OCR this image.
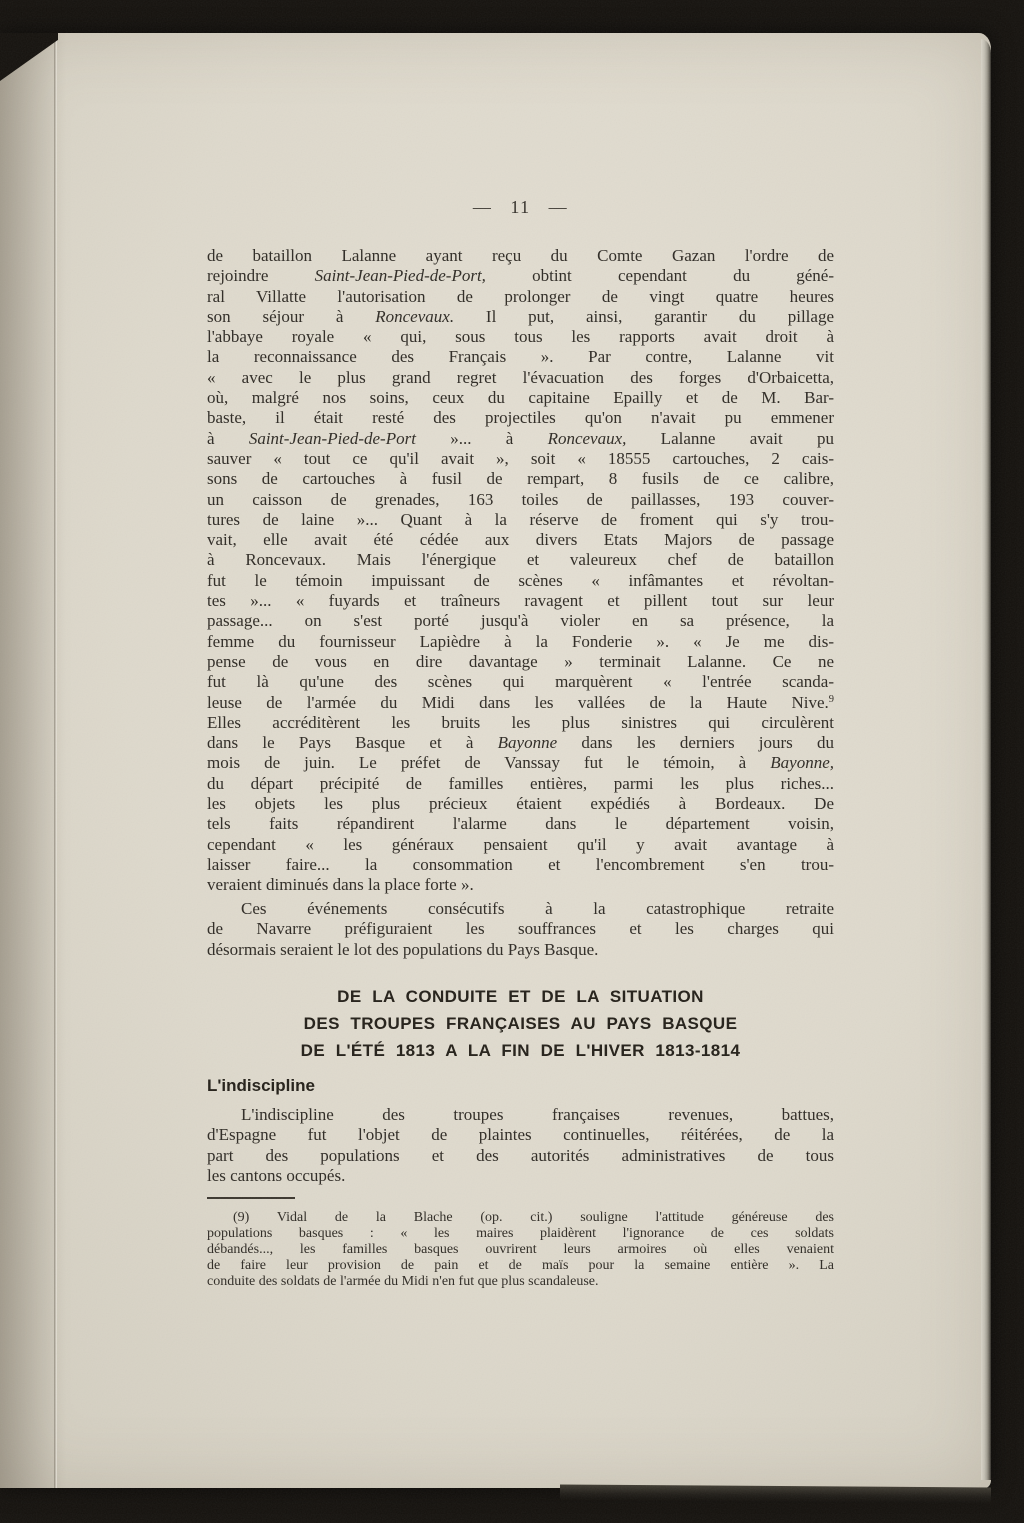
— 11 —
de bataillon Lalanne ayant reçu du Comte Gazan l'ordre de
rejoindre Saint-Jean-Pied-de-Port, obtint cependant du géné-
ral Villatte l'autorisation de prolonger de vingt quatre heures
son séjour à Roncevaux. Il put, ainsi, garantir du pillage
l'abbaye royale « qui, sous tous les rapports avait droit à
la reconnaissance des Français ». Par contre, Lalanne vit
« avec le plus grand regret l'évacuation des forges d'Orbaicetta,
où, malgré nos soins, ceux du capitaine Epailly et de M. Bar-
baste, il était resté des projectiles qu'on n'avait pu emmener
à Saint-Jean-Pied-de-Port »... à Roncevaux, Lalanne avait pu
sauver « tout ce qu'il avait », soit « 18555 cartouches, 2 cais-
sons de cartouches à fusil de rempart, 8 fusils de ce calibre,
un caisson de grenades, 163 toiles de paillasses, 193 couver-
tures de laine »... Quant à la réserve de froment qui s'y trou-
vait, elle avait été cédée aux divers Etats Majors de passage
à Roncevaux. Mais l'énergique et valeureux chef de bataillon
fut le témoin impuissant de scènes « infâmantes et révoltan-
tes »... « fuyards et traîneurs ravagent et pillent tout sur leur
passage... on s'est porté jusqu'à violer en sa présence, la
femme du fournisseur Lapièdre à la Fonderie ». « Je me dis-
pense de vous en dire davantage » terminait Lalanne. Ce ne
fut là qu'une des scènes qui marquèrent « l'entrée scanda-
leuse de l'armée du Midi dans les vallées de la Haute Nive.$^9$
Elles accréditèrent les bruits les plus sinistres qui circulèrent
dans le Pays Basque et à Bayonne dans les derniers jours du
mois de juin. Le préfet de Vanssay fut le témoin, à Bayonne,
du départ précipité de familles entières, parmi les plus riches...
les objets les plus précieux étaient expédiés à Bordeaux. De
tels faits répandirent l'alarme dans le département voisin,
cependant « les généraux pensaient qu'il y avait avantage à
laisser faire... la consommation et l'encombrement s'en trou-
veraient diminués dans la place forte ».
Ces événements consécutifs à la catastrophique retraite
de Navarre préfiguraient les souffrances et les charges qui
désormais seraient le lot des populations du Pays Basque.
DE LA CONDUITE ET DE LA SITUATION
DES TROUPES FRANÇAISES AU PAYS BASQUE
DE L'ÉTÉ 1813 A LA FIN DE L'HIVER 1813-1814
L'indiscipline
L'indiscipline des troupes françaises revenues, battues,
d'Espagne fut l'objet de plaintes continuelles, réitérées, de la
part des populations et des autorités administratives de tous
les cantons occupés.
(9) Vidal de la Blache (op. cit.) souligne l'attitude généreuse des
populations basques : « les maires plaidèrent l'ignorance de ces soldats
débandés..., les familles basques ouvrirent leurs armoires où elles venaient
de faire leur provision de pain et de maïs pour la semaine entière ». La
conduite des soldats de l'armée du Midi n'en fut que plus scandaleuse.
